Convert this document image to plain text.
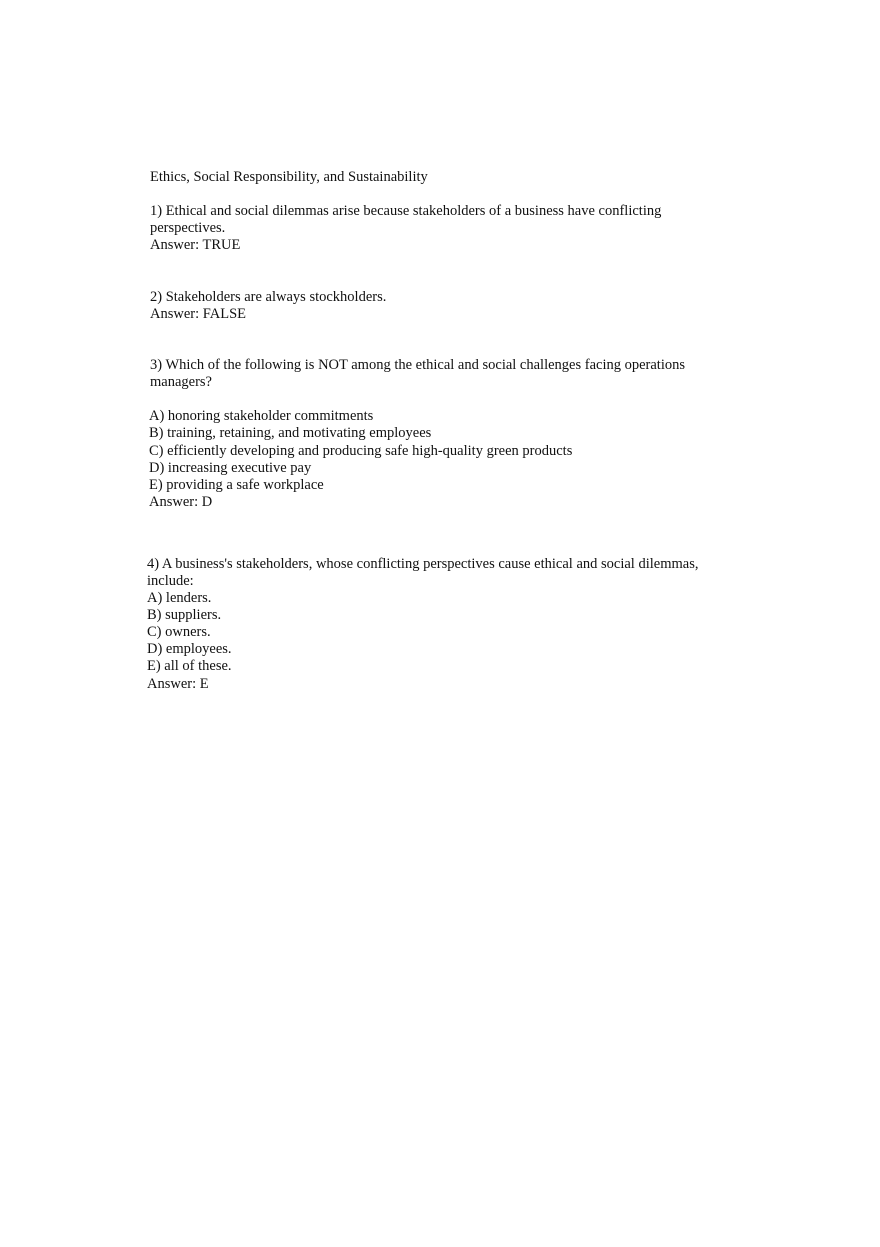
Ethics, Social Responsibility, and Sustainability
1) Ethical and social dilemmas arise because stakeholders of a business have conflicting
perspectives.
Answer: TRUE
2) Stakeholders are always stockholders.
Answer: FALSE
3) Which of the following is NOT among the ethical and social challenges facing operations
managers?
A) honoring stakeholder commitments
B) training, retaining, and motivating employees
C) efficiently developing and producing safe high-quality green products
D) increasing executive pay
E) providing a safe workplace
Answer: D
4) A business's stakeholders, whose conflicting perspectives cause ethical and social dilemmas,
include:
A) lenders.
B) suppliers.
C) owners.
D) employees.
E) all of these.
Answer: E
